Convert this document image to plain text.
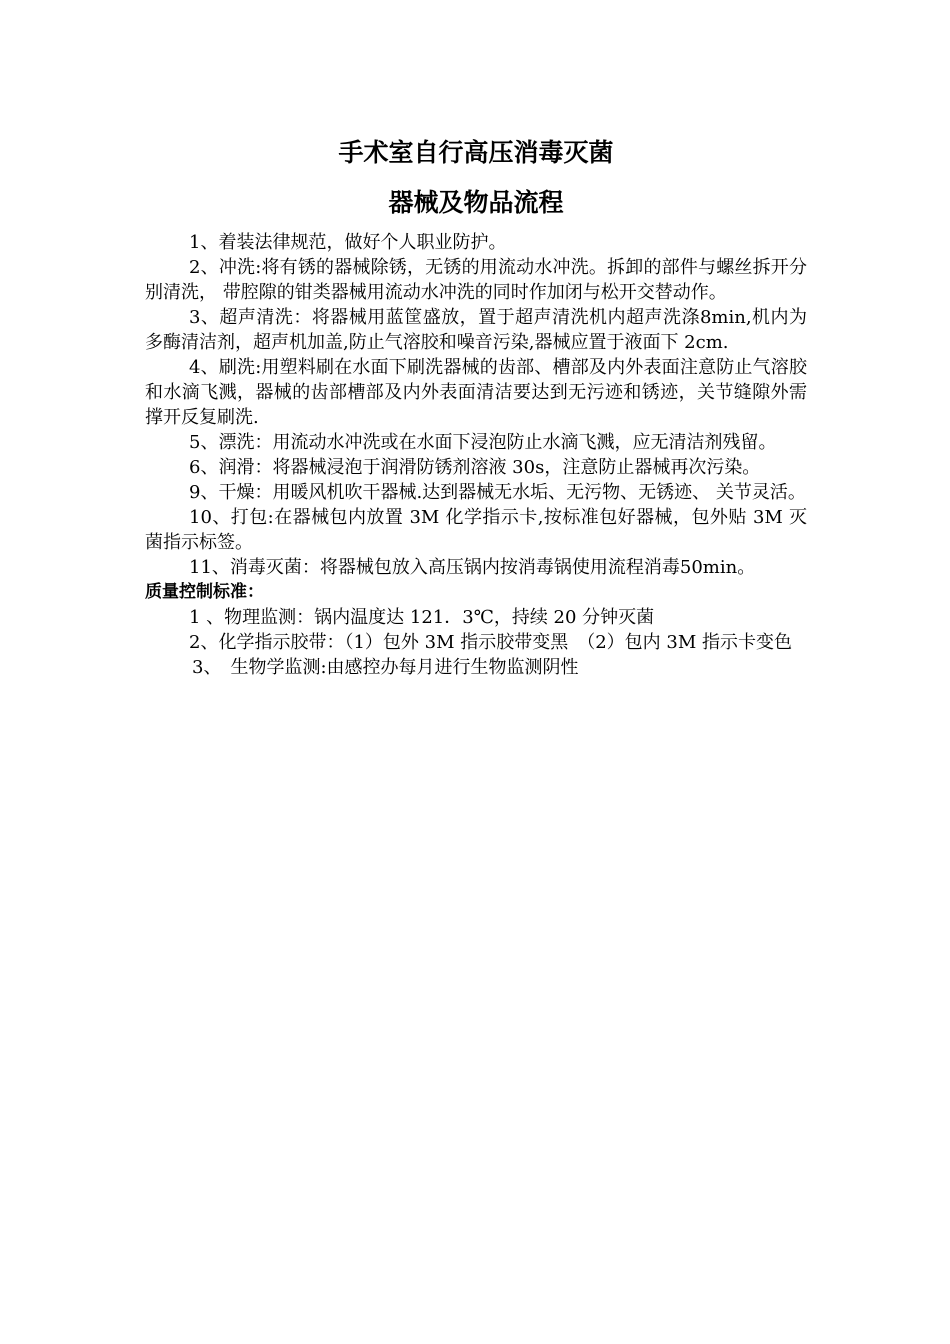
手术室自行高压消毒灭菌
器械及物品流程

1、着装法律规范，做好个人职业防护。

2、冲洗:将有锈的器械除锈，无锈的用流动水冲洗。拆卸的部件与螺丝拆开分别清洗， 带腔隙的钳类器械用流动水冲洗的同时作加闭与松开交替动作。

3、超声清洗：将器械用蓝筐盛放，置于超声清洗机内超声洗涤8min,机内为多酶清洁剂，超声机加盖,防止气溶胶和噪音污染,器械应置于液面下 2cm.

4、刷洗:用塑料刷在水面下刷洗器械的齿部、槽部及内外表面注意防止气溶胶和水滴飞溅，器械的齿部槽部及内外表面清洁要达到无污迹和锈迹，关节缝隙外需撑开反复刷洗.

5、漂洗：用流动水冲洗或在水面下浸泡防止水滴飞溅，应无清洁剂残留。

6、润滑：将器械浸泡于润滑防锈剂溶液 30s，注意防止器械再次污染。

9、干燥：用暖风机吹干器械.达到器械无水垢、无污物、无锈迹、 关节灵活。

10、打包:在器械包内放置 3M 化学指示卡,按标准包好器械，包外贴 3M 灭菌指示标签。

11、消毒灭菌：将器械包放入高压锅内按消毒锅使用流程消毒50min。

质量控制标准：

1 、物理监测：锅内温度达 121．3℃，持续 20 分钟灭菌

2、化学指示胶带：（1）包外 3M 指示胶带变黑　（2）包内 3M 指示卡变色

3、　生物学监测:由感控办每月进行生物监测阴性
